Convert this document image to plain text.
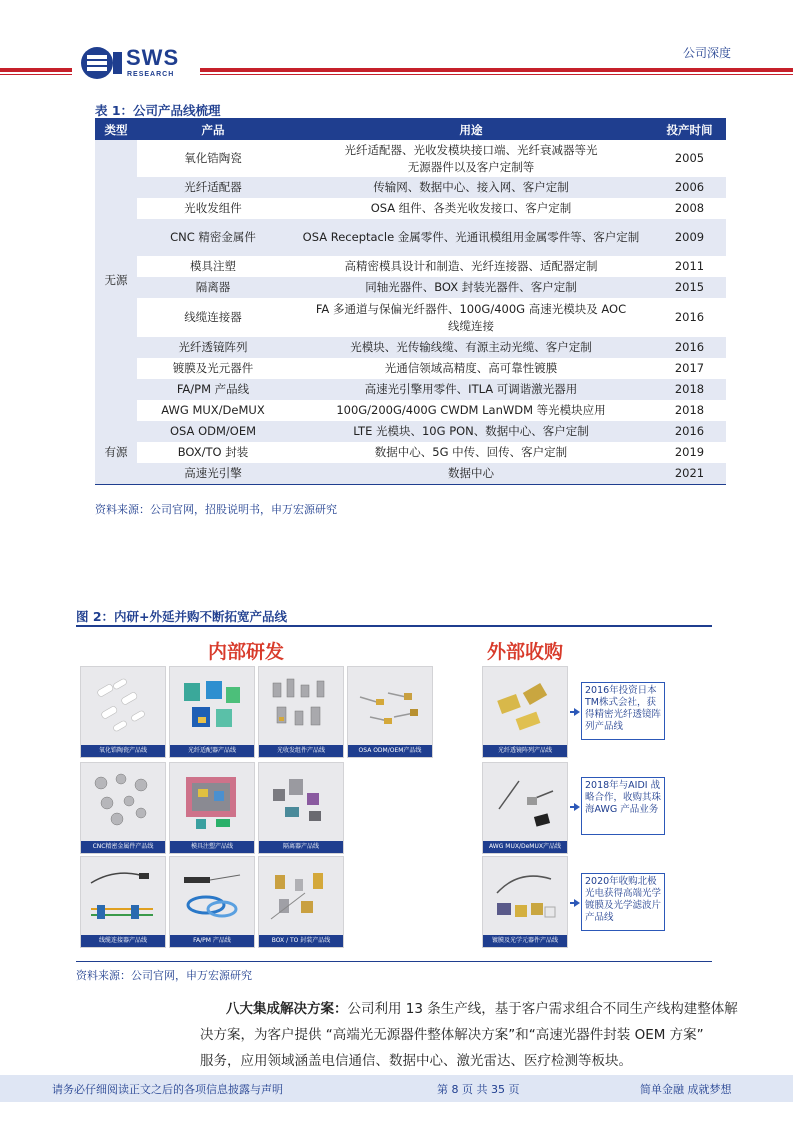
SWS
RESEARCH
公司深度
表 1：公司产品线梳理
类型	产品	用途	投产时间
无源	氧化锆陶瓷	光纤适配器、光收发模块接口端、光纤衰减器等光无源器件以及客户定制等	2005
	光纤适配器	传输网、数据中心、接入网、客户定制	2006
	光收发组件	OSA 组件、各类光收发接口、客户定制	2008
	CNC 精密金属件	OSA Receptacle 金属零件、光通讯模组用金属零件等、客户定制	2009
	模具注塑	高精密模具设计和制造、光纤连接器、适配器定制	2011
	隔离器	同轴光器件、BOX 封装光器件、客户定制	2015
	线缆连接器	FA 多通道与保偏光纤器件、100G/400G 高速光模块及 AOC 线缆连接	2016
	光纤透镜阵列	光模块、光传输线缆、有源主动光缆、客户定制	2016
	镀膜及光元器件	光通信领域高精度、高可靠性镀膜	2017
	FA/PM 产品线	高速光引擎用零件、ITLA 可调谐激光器用	2018
	AWG MUX/DeMUX	100G/200G/400G CWDM LanWDM 等光模块应用	2018
有源	OSA ODM/OEM	LTE 光模块、10G PON、数据中心、客户定制	2016
	BOX/TO 封装	数据中心、5G 中传、回传、客户定制	2019
	高速光引擎	数据中心	2021
资料来源：公司官网，招股说明书，申万宏源研究
图 2：内研+外延并购不断拓宽产品线
内部研发	外部收购
氧化锆陶瓷产品线	光纤适配器产品线	光收发组件产品线	OSA ODM/OEM产品线
CNC精密金属件产品线	模具注塑产品线	隔离器产品线
线缆连接器产品线	FA/PM 产品线	BOX / TO 封装产品线
光纤透镜阵列产品线
AWG MUX/DeMUX产品线
镀膜及光学元器件产品线
2016年投资日本TM株式会社，获得精密光纤透镜阵列产品线
2018年与AIDI 战略合作，收购其珠海AWG 产品业务
2020年收购北极光电获得高端光学镀膜及光学滤波片产品线
资料来源：公司官网，申万宏源研究
八大集成解决方案：公司利用 13 条生产线，基于客户需求组合不同生产线构建整体解
决方案，为客户提供 “高端光无源器件整体解决方案”和“高速光器件封装 OEM 方案”
服务，应用领域涵盖电信通信、数据中心、激光雷达、医疗检测等板块。
请务必仔细阅读正文之后的各项信息披露与声明	第 8 页 共 35 页	简单金融 成就梦想
